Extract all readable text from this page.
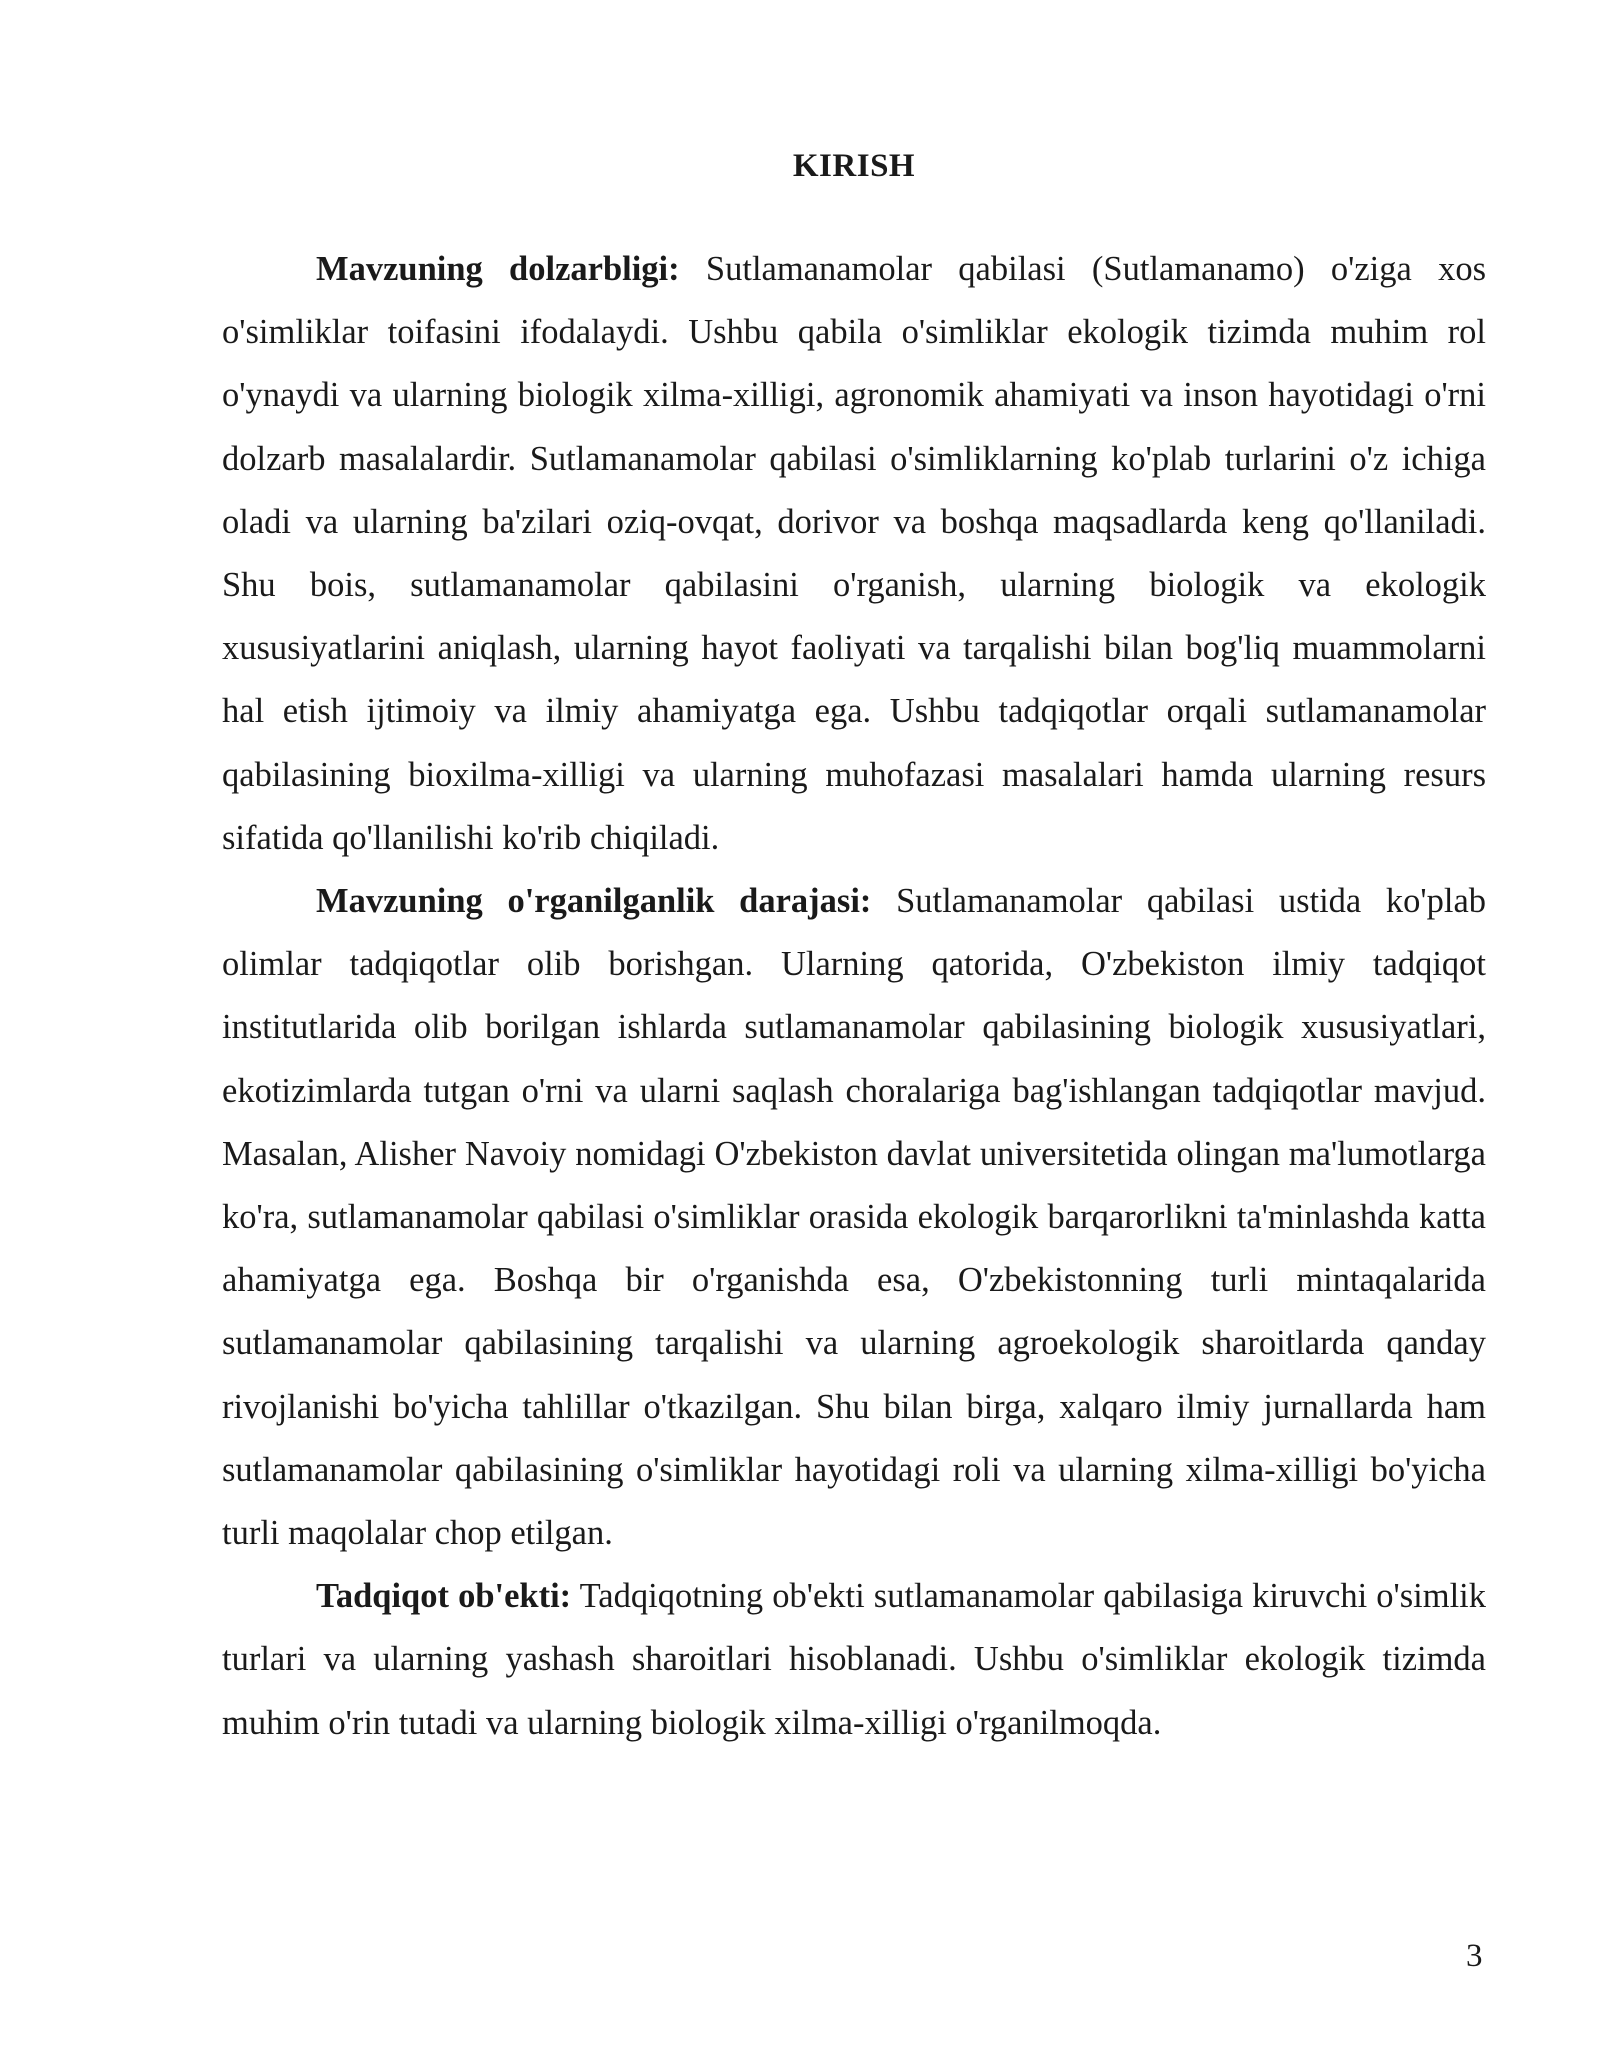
KIRISH

Mavzuning dolzarbligi: Sutlamanamolar qabilasi (Sutlamanamo) o'ziga xos o'simliklar toifasini ifodalaydi. Ushbu qabila o'simliklar ekologik tizimda muhim rol o'ynaydi va ularning biologik xilma-xilligi, agronomik ahamiyati va inson hayotidagi o'rni dolzarb masalalardir. Sutlamanamolar qabilasi o'simliklarning ko'plab turlarini o'z ichiga oladi va ularning ba'zilari oziq-ovqat, dorivor va boshqa maqsadlarda keng qo'llaniladi. Shu bois, sutlamanamolar qabilasini o'rganish, ularning biologik va ekologik xususiyatlarini aniqlash, ularning hayot faoliyati va tarqalishi bilan bog'liq muammolarni hal etish ijtimoiy va ilmiy ahamiyatga ega. Ushbu tadqiqotlar orqali sutlamanamolar qabilasining bioxilma-xilligi va ularning muhofazasi masalalari hamda ularning resurs sifatida qo'llanilishi ko'rib chiqiladi.

Mavzuning o'rganilganlik darajasi: Sutlamanamolar qabilasi ustida ko'plab olimlar tadqiqotlar olib borishgan. Ularning qatorida, O'zbekiston ilmiy tadqiqot institutlarida olib borilgan ishlarda sutlamanamolar qabilasining biologik xususiyatlari, ekotizimlarda tutgan o'rni va ularni saqlash choralariga bag'ishlangan tadqiqotlar mavjud. Masalan, Alisher Navoiy nomidagi O'zbekiston davlat universitetida olingan ma'lumotlarga ko'ra, sutlamanamolar qabilasi o'simliklar orasida ekologik barqarorlikni ta'minlashda katta ahamiyatga ega. Boshqa bir o'rganishda esa, O'zbekistonning turli mintaqalarida sutlamanamolar qabilasining tarqalishi va ularning agroekologik sharoitlarda qanday rivojlanishi bo'yicha tahlillar o'tkazilgan. Shu bilan birga, xalqaro ilmiy jurnallarda ham sutlamanamolar qabilasining o'simliklar hayotidagi roli va ularning xilma-xilligi bo'yicha turli maqolalar chop etilgan.

Tadqiqot ob'ekti: Tadqiqotning ob'ekti sutlamanamolar qabilasiga kiruvchi o'simlik turlari va ularning yashash sharoitlari hisoblanadi. Ushbu o'simliklar ekologik tizimda muhim o'rin tutadi va ularning biologik xilma-xilligi o'rganilmoqda.

3
